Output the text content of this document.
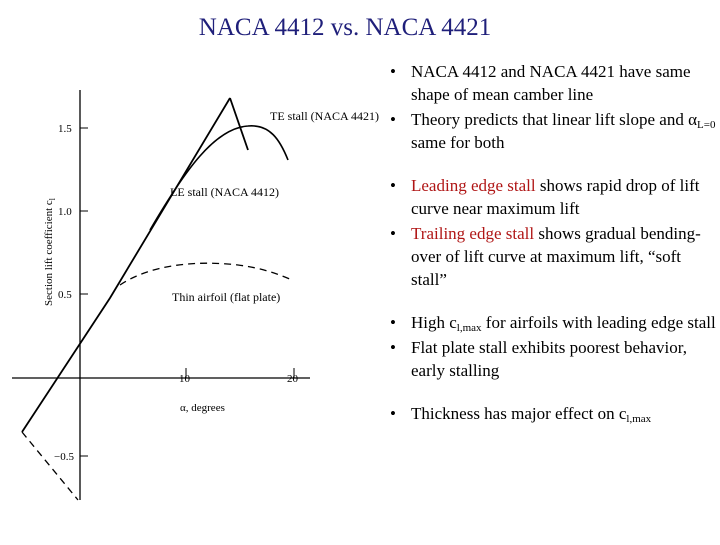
NACA 4412 vs. NACA 4421
1.5
1.0
0.5
−0.5
10	20
α, degrees
Section lift coefficient $c_l$
TE stall (NACA 4421)
LE stall (NACA 4412)
Thin airfoil (flat plate)
• NACA 4412 and NACA 4421 have same shape of mean camber line
• Theory predicts that linear lift slope and $\alpha_{L=0}$ same for both
• Leading edge stall shows rapid drop of lift curve near maximum lift
• Trailing edge stall shows gradual bending-over of lift curve at maximum lift, “soft stall”
• High $c_{l,max}$ for airfoils with leading edge stall
• Flat plate stall exhibits poorest behavior, early stalling
• Thickness has major effect on $c_{l,max}$
